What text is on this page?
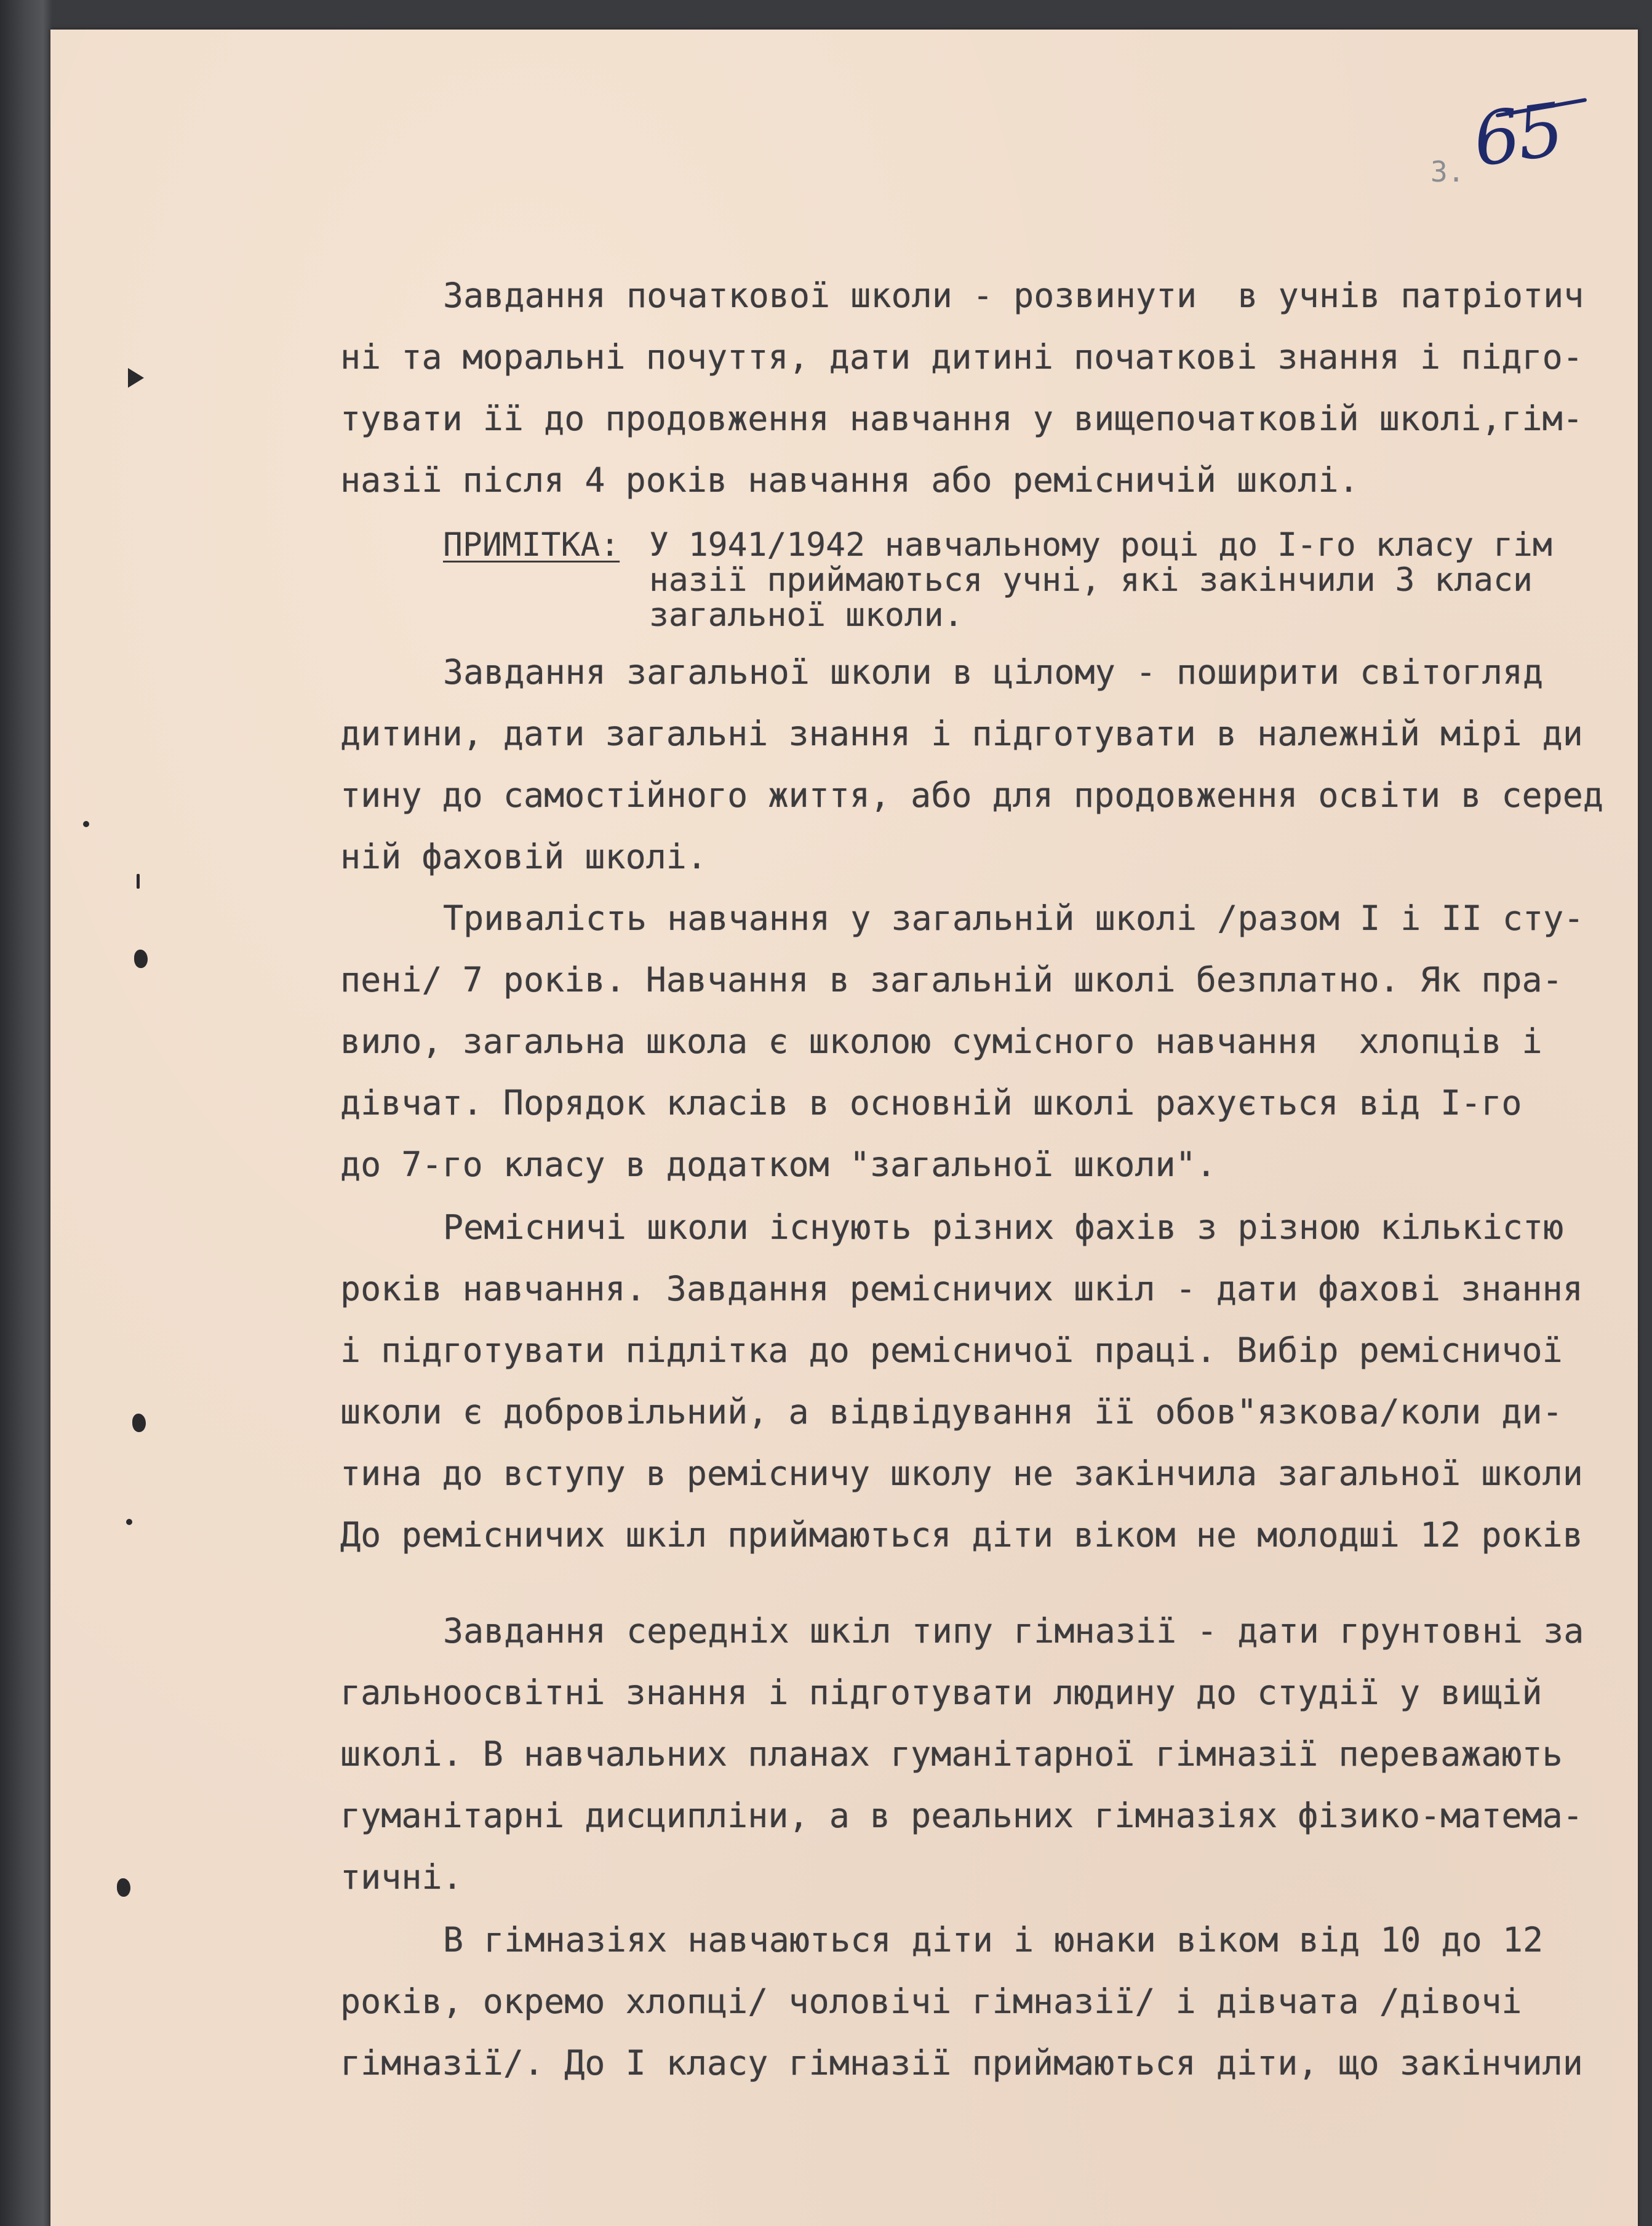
65
3.
Завдання початкової школи - розвинути  в учнів патріотич
ні та моральні почуття, дати дитині початкові знання і підго-
тувати її до продовження навчання у вищепочатковій школі,гім-
назії після 4 років навчання або ремісничій школі.
ПРИМІТКА: У 1941/1942 навчальному році до І-го класу гім
назії приймаються учні, які закінчили 3 класи
загальної школи.
Завдання загальної школи в цілому - поширити світогляд
дитини, дати загальні знання і підготувати в належній мірі ди
тину до самостійного життя, або для продовження освіти в серед
ній фаховій школі.
Тривалість навчання у загальній школі /разом І і ІІ сту-
пені/ 7 років. Навчання в загальній школі безплатно. Як пра-
вило, загальна школа є школою сумісного навчання  хлопців і
дівчат. Порядок класів в основній школі рахується від І-го
до 7-го класу в додатком "загальної школи".
Ремісничі школи існують різних фахів з різною кількістю
років навчання. Завдання ремісничих шкіл - дати фахові знання
і підготувати підлітка до ремісничої праці. Вибір ремісничої
школи є добровільний, а відвідування її обов"язкова/коли ди-
тина до вступу в ремісничу школу не закінчила загальної школи
До ремісничих шкіл приймаються діти віком не молодші 12 років
Завдання середніх шкіл типу гімназії - дати грунтовні за
гальноосвітні знання і підготувати людину до студії у вищій
школі. В навчальних планах гуманітарної гімназії переважають
гуманітарні дисципліни, а в реальних гімназіях фізико-матема-
тичні.
В гімназіях навчаються діти і юнаки віком від 10 до 12
років, окремо хлопці/ чоловічі гімназії/ і дівчата /дівочі
гімназії/. До І класу гімназії приймаються діти, що закінчили
